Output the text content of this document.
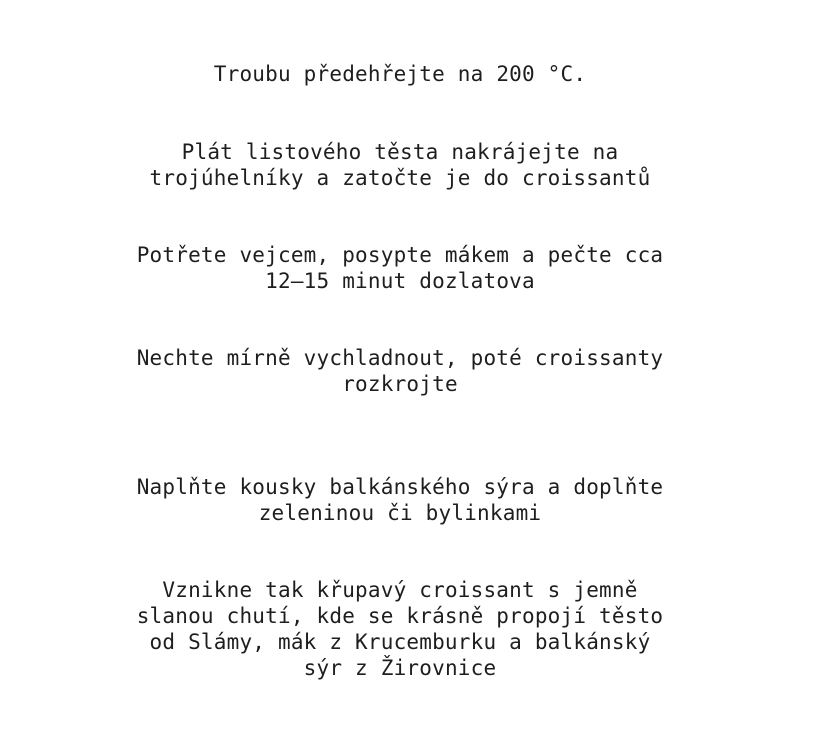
Troubu předehřejte na 200 °C.

Plát listového těsta nakrájejte na
trojúhelníky a zatočte je do croissantů

Potřete vejcem, posypte mákem a pečte cca
12–15 minut dozlatova

Nechte mírně vychladnout, poté croissanty
rozkrojte

Naplňte kousky balkánského sýra a doplňte
zeleninou či bylinkami

Vznikne tak křupavý croissant s jemně
slanou chutí, kde se krásně propojí těsto
od Slámy, mák z Krucemburku a balkánský
sýr z Žirovnice
